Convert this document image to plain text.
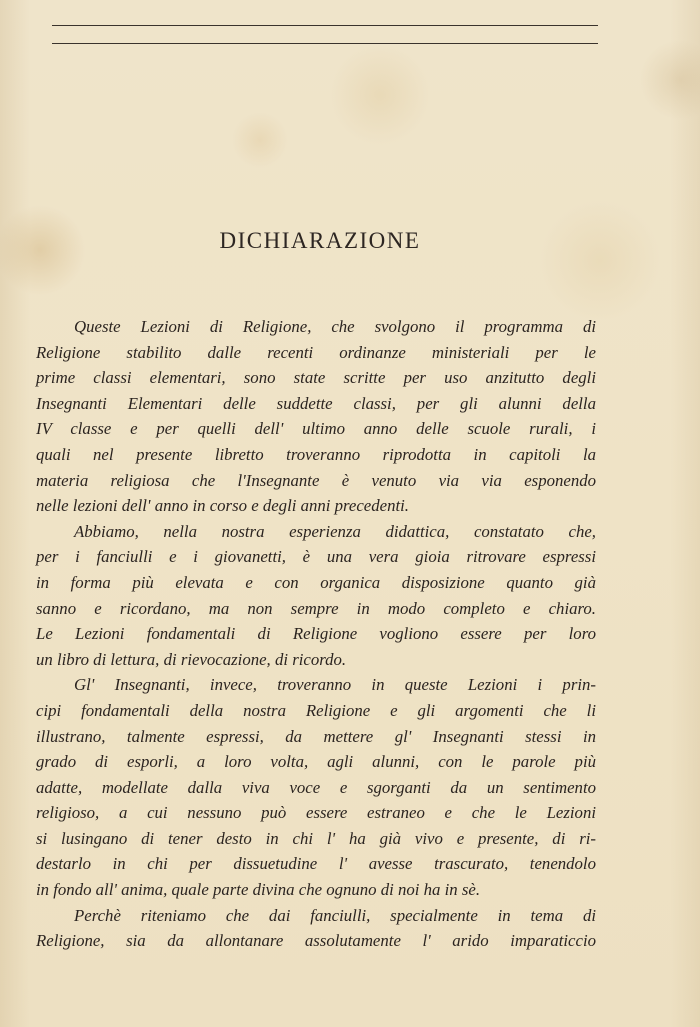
DICHIARAZIONE
Queste Lezioni di Religione, che svolgono il programma di
Religione stabilito dalle recenti ordinanze ministeriali per le
prime classi elementari, sono state scritte per uso anzitutto degli
Insegnanti Elementari delle suddette classi, per gli alunni della
IV classe e per quelli dell' ultimo anno delle scuole rurali, i
quali nel presente libretto troveranno riprodotta in capitoli la
materia religiosa che l'Insegnante è venuto via via esponendo
nelle lezioni dell' anno in corso e degli anni precedenti.
Abbiamo, nella nostra esperienza didattica, constatato che,
per i fanciulli e i giovanetti, è una vera gioia ritrovare espressi
in forma più elevata e con organica disposizione quanto già
sanno e ricordano, ma non sempre in modo completo e chiaro.
Le Lezioni fondamentali di Religione vogliono essere per loro
un libro di lettura, di rievocazione, di ricordo.
Gl' Insegnanti, invece, troveranno in queste Lezioni i prin-
cipi fondamentali della nostra Religione e gli argomenti che li
illustrano, talmente espressi, da mettere gl' Insegnanti stessi in
grado di esporli, a loro volta, agli alunni, con le parole più
adatte, modellate dalla viva voce e sgorganti da un sentimento
religioso, a cui nessuno può essere estraneo e che le Lezioni
si lusingano di tener desto in chi l' ha già vivo e presente, di ri-
destarlo in chi per dissuetudine l' avesse trascurato, tenendolo
in fondo all' anima, quale parte divina che ognuno di noi ha in sè.
Perchè riteniamo che dai fanciulli, specialmente in tema di
Religione, sia da allontanare assolutamente l' arido imparaticcio
